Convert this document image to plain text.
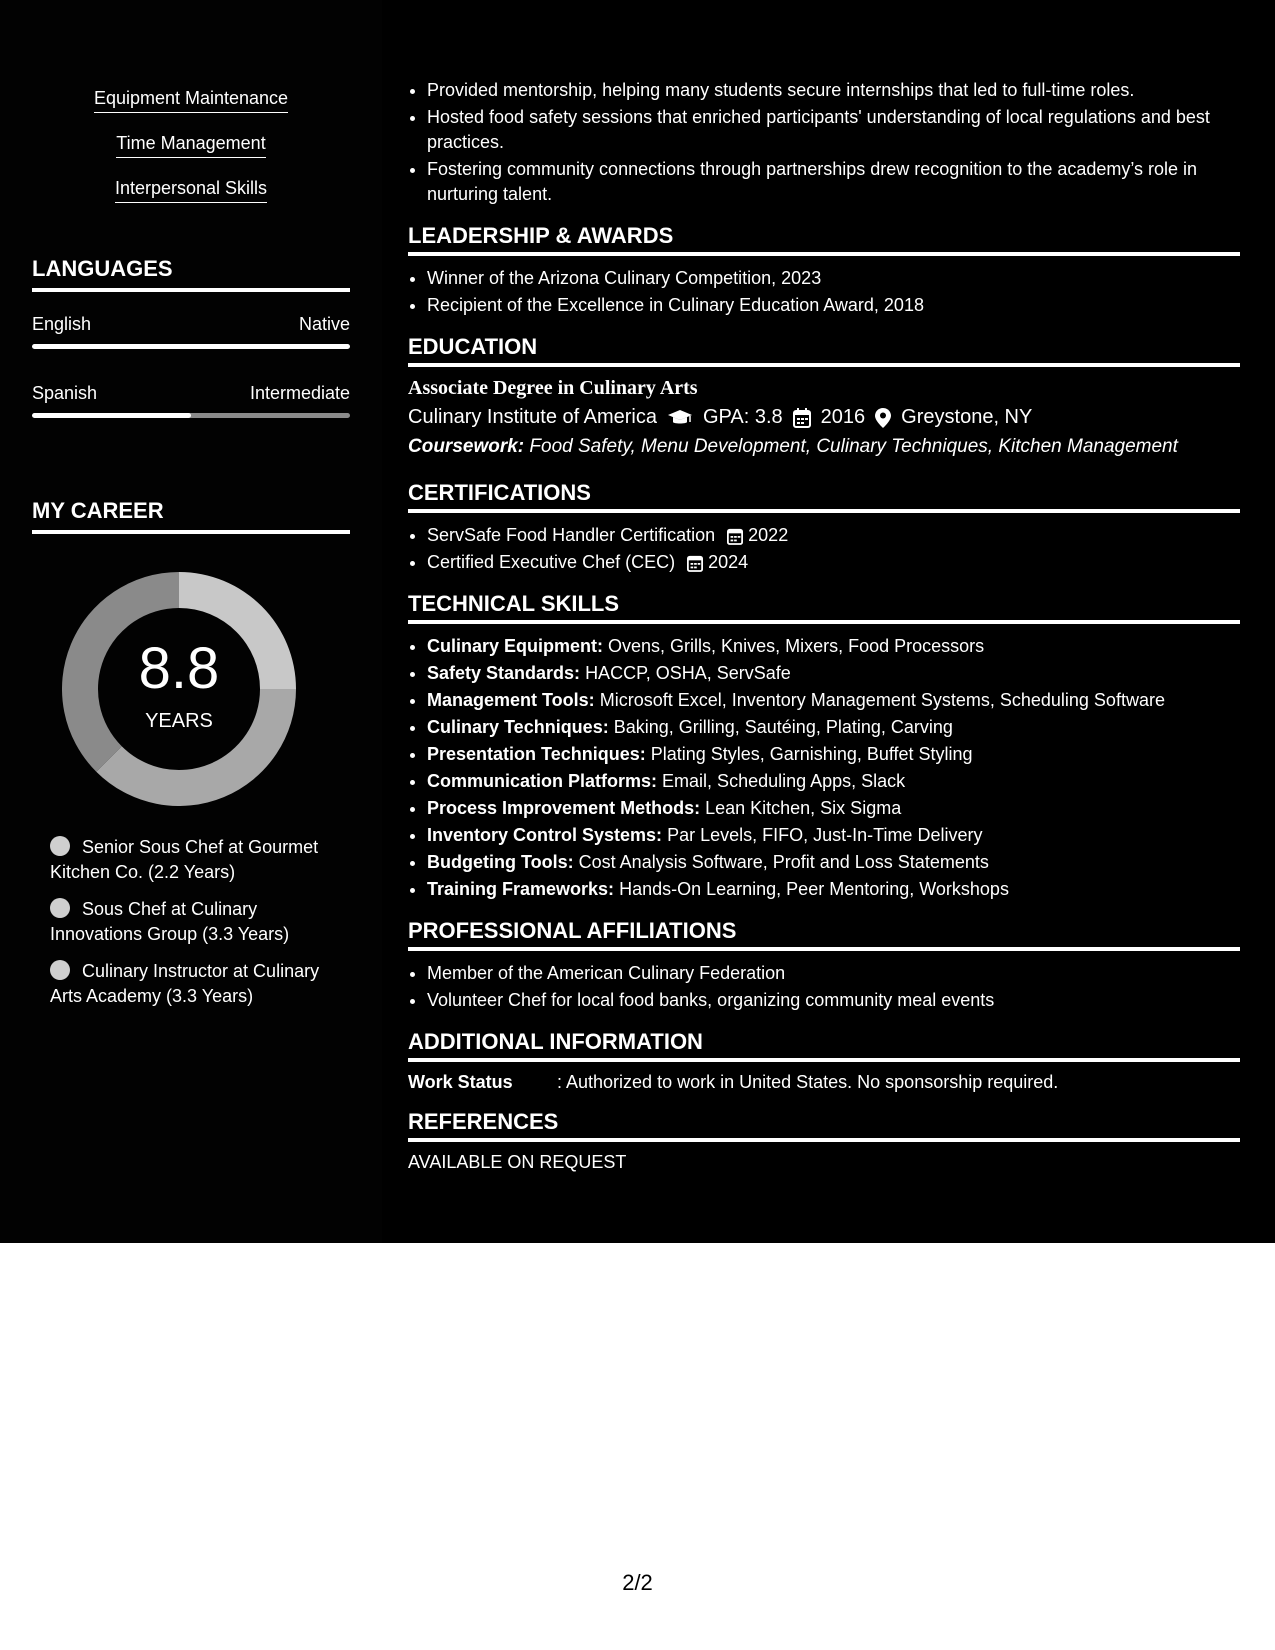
Equipment Maintenance
Time Management
Interpersonal Skills
LANGUAGES
English	Native
Spanish	Intermediate
MY CAREER
8.8
YEARS
Senior Sous Chef at Gourmet Kitchen Co. (2.2 Years)
Sous Chef at Culinary Innovations Group (3.3 Years)
Culinary Instructor at Culinary Arts Academy (3.3 Years)
• Provided mentorship, helping many students secure internships that led to full-time roles.
• Hosted food safety sessions that enriched participants' understanding of local regulations and best practices.
• Fostering community connections through partnerships drew recognition to the academy’s role in nurturing talent.
LEADERSHIP & AWARDS
• Winner of the Arizona Culinary Competition, 2023
• Recipient of the Excellence in Culinary Education Award, 2018
EDUCATION
Associate Degree in Culinary Arts
Culinary Institute of America GPA: 3.8 2016 Greystone, NY
Coursework: Food Safety, Menu Development, Culinary Techniques, Kitchen Management
CERTIFICATIONS
• ServSafe Food Handler Certification 2022
• Certified Executive Chef (CEC) 2024
TECHNICAL SKILLS
• Culinary Equipment: Ovens, Grills, Knives, Mixers, Food Processors
• Safety Standards: HACCP, OSHA, ServSafe
• Management Tools: Microsoft Excel, Inventory Management Systems, Scheduling Software
• Culinary Techniques: Baking, Grilling, Sautéing, Plating, Carving
• Presentation Techniques: Plating Styles, Garnishing, Buffet Styling
• Communication Platforms: Email, Scheduling Apps, Slack
• Process Improvement Methods: Lean Kitchen, Six Sigma
• Inventory Control Systems: Par Levels, FIFO, Just-In-Time Delivery
• Budgeting Tools: Cost Analysis Software, Profit and Loss Statements
• Training Frameworks: Hands-On Learning, Peer Mentoring, Workshops
PROFESSIONAL AFFILIATIONS
• Member of the American Culinary Federation
• Volunteer Chef for local food banks, organizing community meal events
ADDITIONAL INFORMATION
Work Status	: Authorized to work in United States. No sponsorship required.
REFERENCES
AVAILABLE ON REQUEST
2/2
